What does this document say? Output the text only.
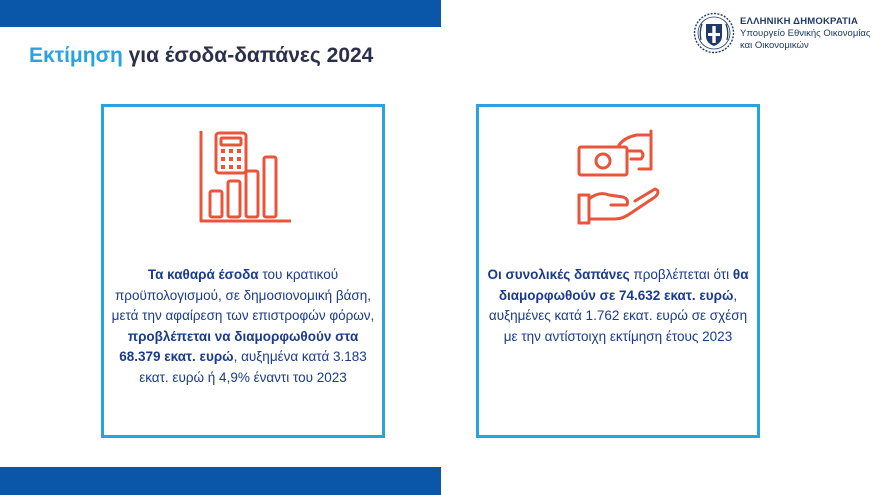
Εκτίμηση για έσοδα-δαπάνες 2024
ΕΛΛΗΝΙΚΗ ΔΗΜΟΚΡΑΤΙΑ
Υπουργείο Εθνικής Οικονομίας
και Οικονομικών
Τα καθαρά έσοδα του κρατικού προϋπολογισμού, σε δημοσιονομική βάση, μετά την αφαίρεση των επιστροφών φόρων, προβλέπεται να διαμορφωθούν στα 68.379 εκατ. ευρώ, αυξημένα κατά 3.183 εκατ. ευρώ ή 4,9% έναντι του 2023
Οι συνολικές δαπάνες προβλέπεται ότι θα διαμορφωθούν σε 74.632 εκατ. ευρώ, αυξημένες κατά 1.762 εκατ. ευρώ σε σχέση με την αντίστοιχη εκτίμηση έτους 2023
